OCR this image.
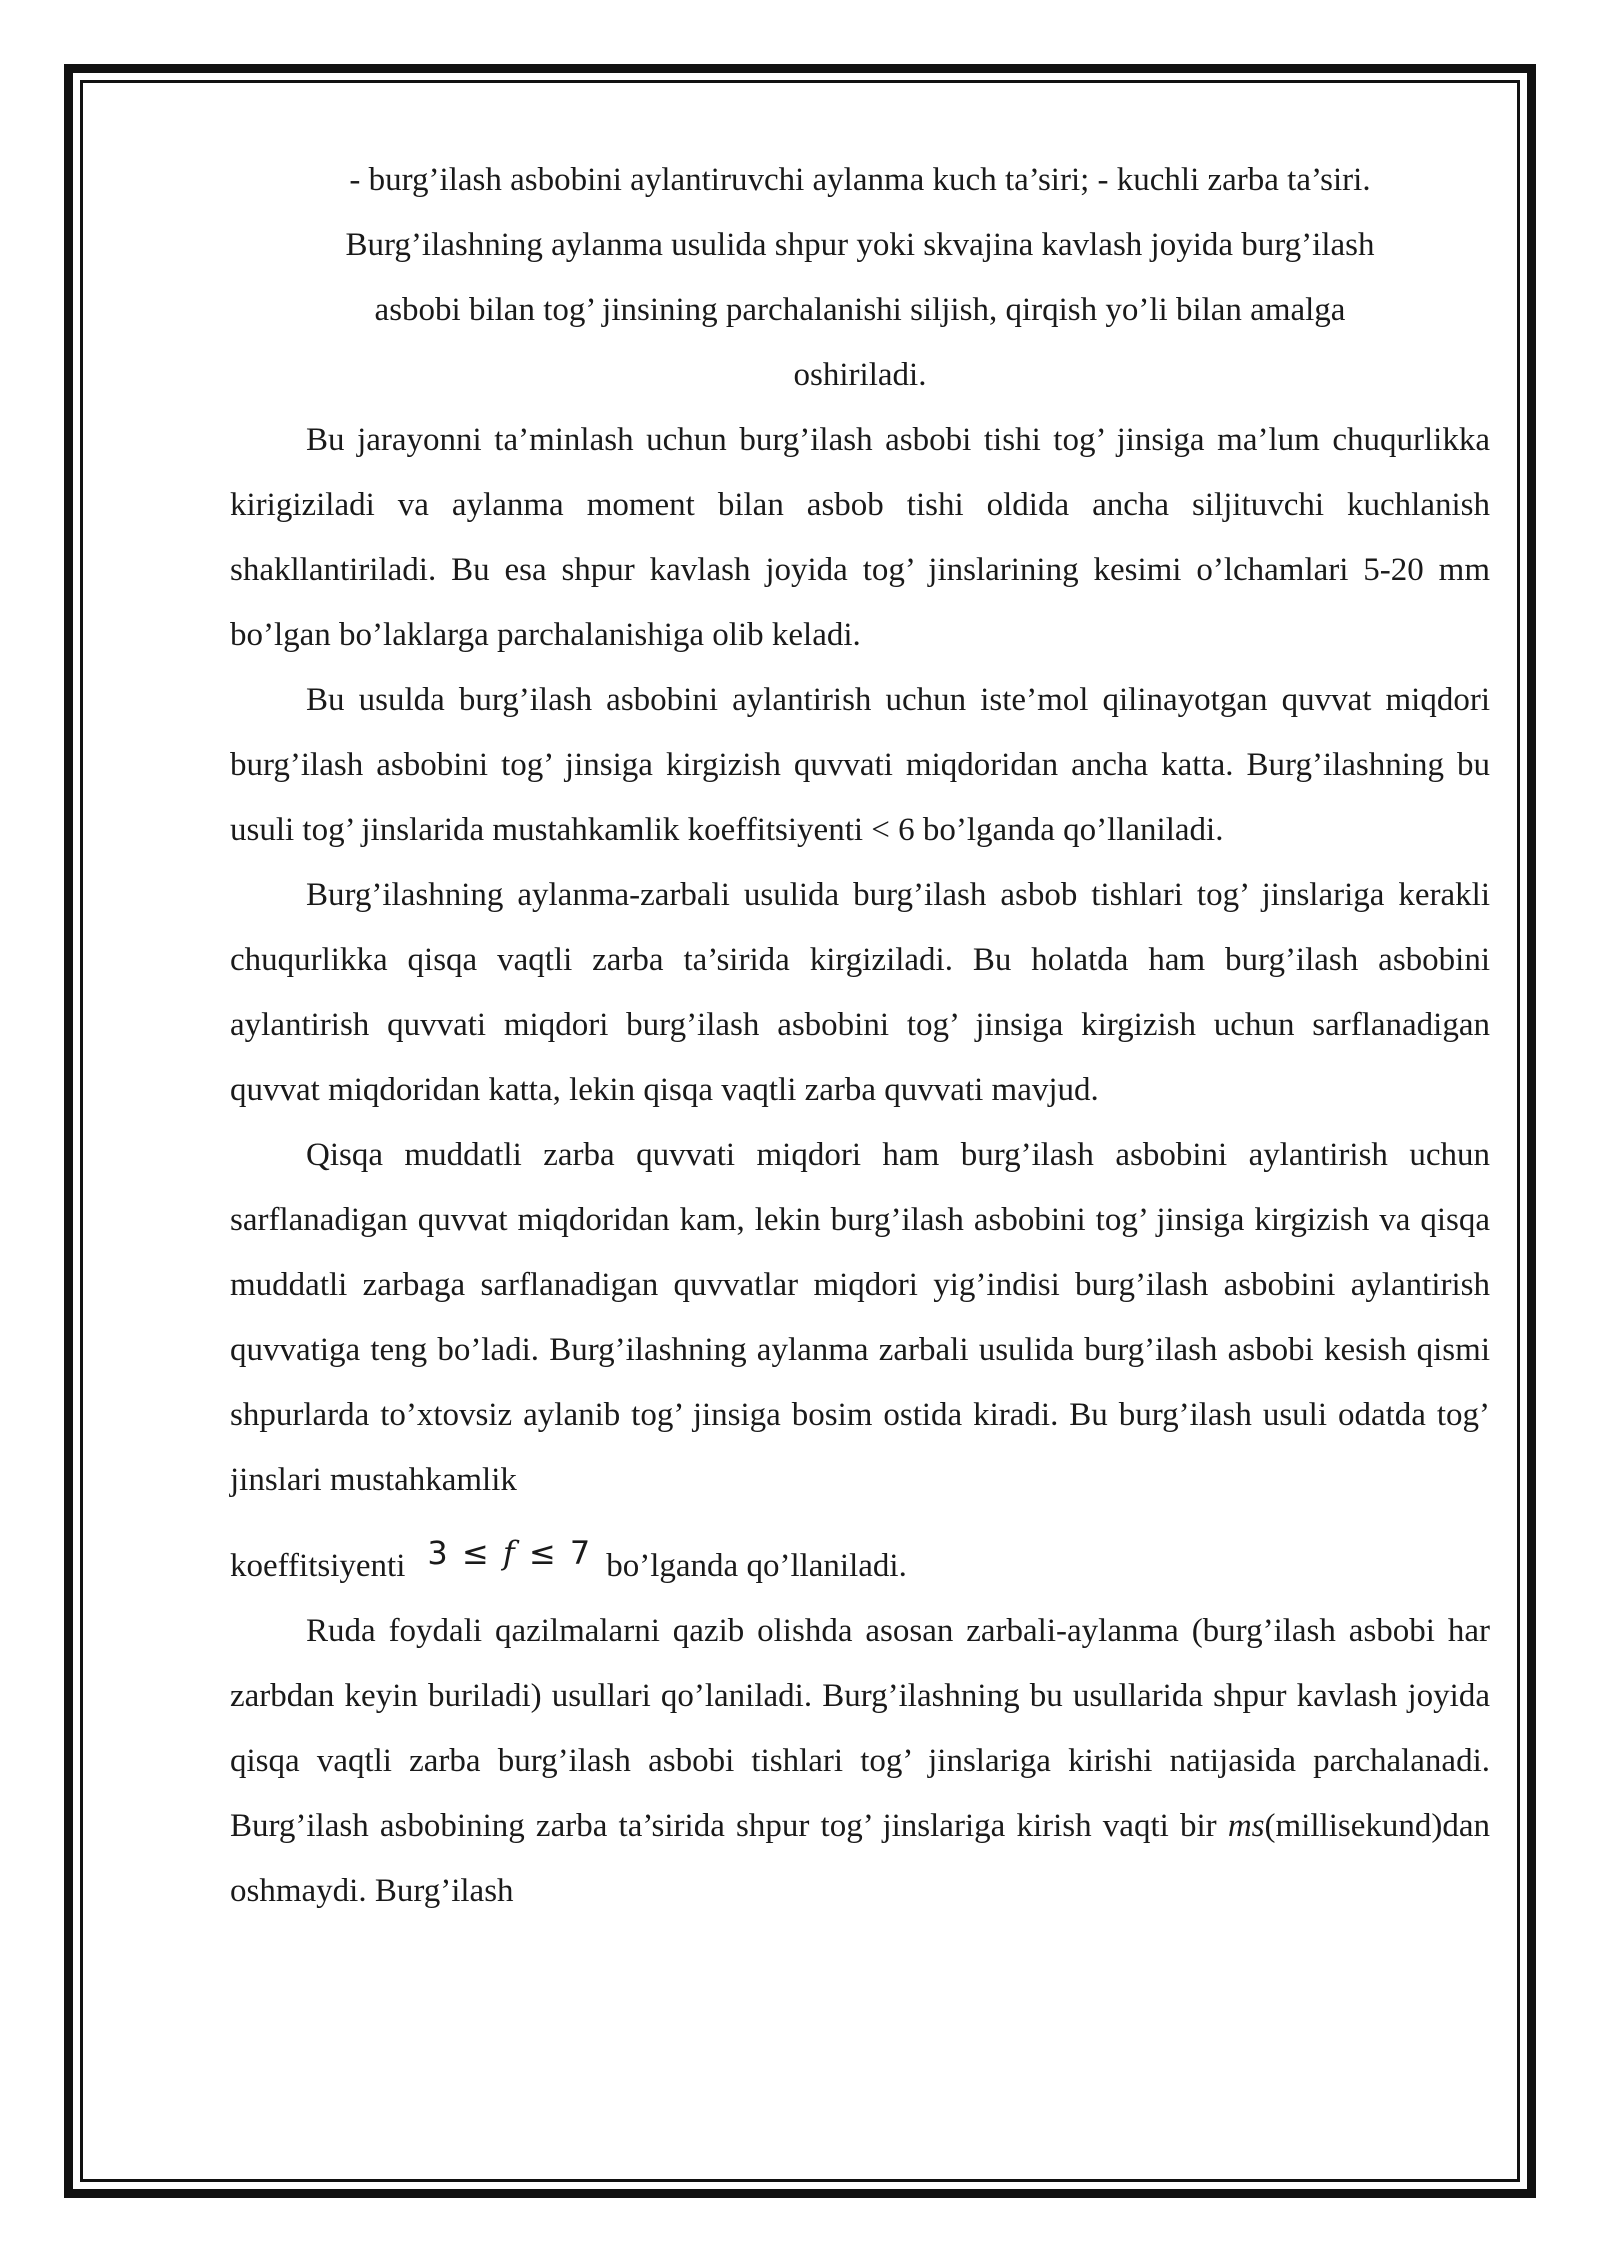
- burg’ilash asbobini aylantiruvchi aylanma kuch ta’siri; - kuchli zarba ta’siri.
Burg’ilashning aylanma usulida shpur yoki skvajina kavlash joyida burg’ilash
asbobi bilan tog’ jinsining parchalanishi siljish, qirqish yo’li bilan amalga
oshiriladi.

Bu jarayonni ta’minlash uchun burg’ilash asbobi tishi tog’ jinsiga ma’lum chuqurlikka kirigiziladi va aylanma moment bilan asbob tishi oldida ancha siljituvchi kuchlanish shakllantiriladi. Bu esa shpur kavlash joyida tog’ jinslarining kesimi o’lchamlari 5-20 mm bo’lgan bo’laklarga parchalanishiga olib keladi.

Bu usulda burg’ilash asbobini aylantirish uchun iste’mol qilinayotgan quvvat miqdori burg’ilash asbobini tog’ jinsiga kirgizish quvvati miqdoridan ancha katta. Burg’ilashning bu usuli tog’ jinslarida mustahkamlik koeffitsiyenti < 6 bo’lganda qo’llaniladi.

Burg’ilashning aylanma-zarbali usulida burg’ilash asbob tishlari tog’ jinslariga kerakli chuqurlikka qisqa vaqtli zarba ta’sirida kirgiziladi. Bu holatda ham burg’ilash asbobini aylantirish quvvati miqdori burg’ilash asbobini tog’ jinsiga kirgizish uchun sarflanadigan quvvat miqdoridan katta, lekin qisqa vaqtli zarba quvvati mavjud.

Qisqa muddatli zarba quvvati miqdori ham burg’ilash asbobini aylantirish uchun sarflanadigan quvvat miqdoridan kam, lekin burg’ilash asbobini tog’ jinsiga kirgizish va qisqa muddatli zarbaga sarflanadigan quvvatlar miqdori yig’indisi burg’ilash asbobini aylantirish quvvatiga teng bo’ladi. Burg’ilashning aylanma zarbali usulida burg’ilash asbobi kesish qismi shpurlarda to’xtovsiz aylanib tog’ jinsiga bosim ostida kiradi. Bu burg’ilash usuli odatda tog’ jinslari mustahkamlik

koeffitsiyenti 3 ≤ f ≤ 7 bo’lganda qo’llaniladi.

Ruda foydali qazilmalarni qazib olishda asosan zarbali-aylanma (burg’ilash asbobi har zarbdan keyin buriladi) usullari qo’laniladi. Burg’ilashning bu usullarida shpur kavlash joyida qisqa vaqtli zarba burg’ilash asbobi tishlari tog’ jinslariga kirishi natijasida parchalanadi. Burg’ilash asbobining zarba ta’sirida shpur tog’ jinslariga kirish vaqti bir ms(millisekund)dan oshmaydi. Burg’ilash
